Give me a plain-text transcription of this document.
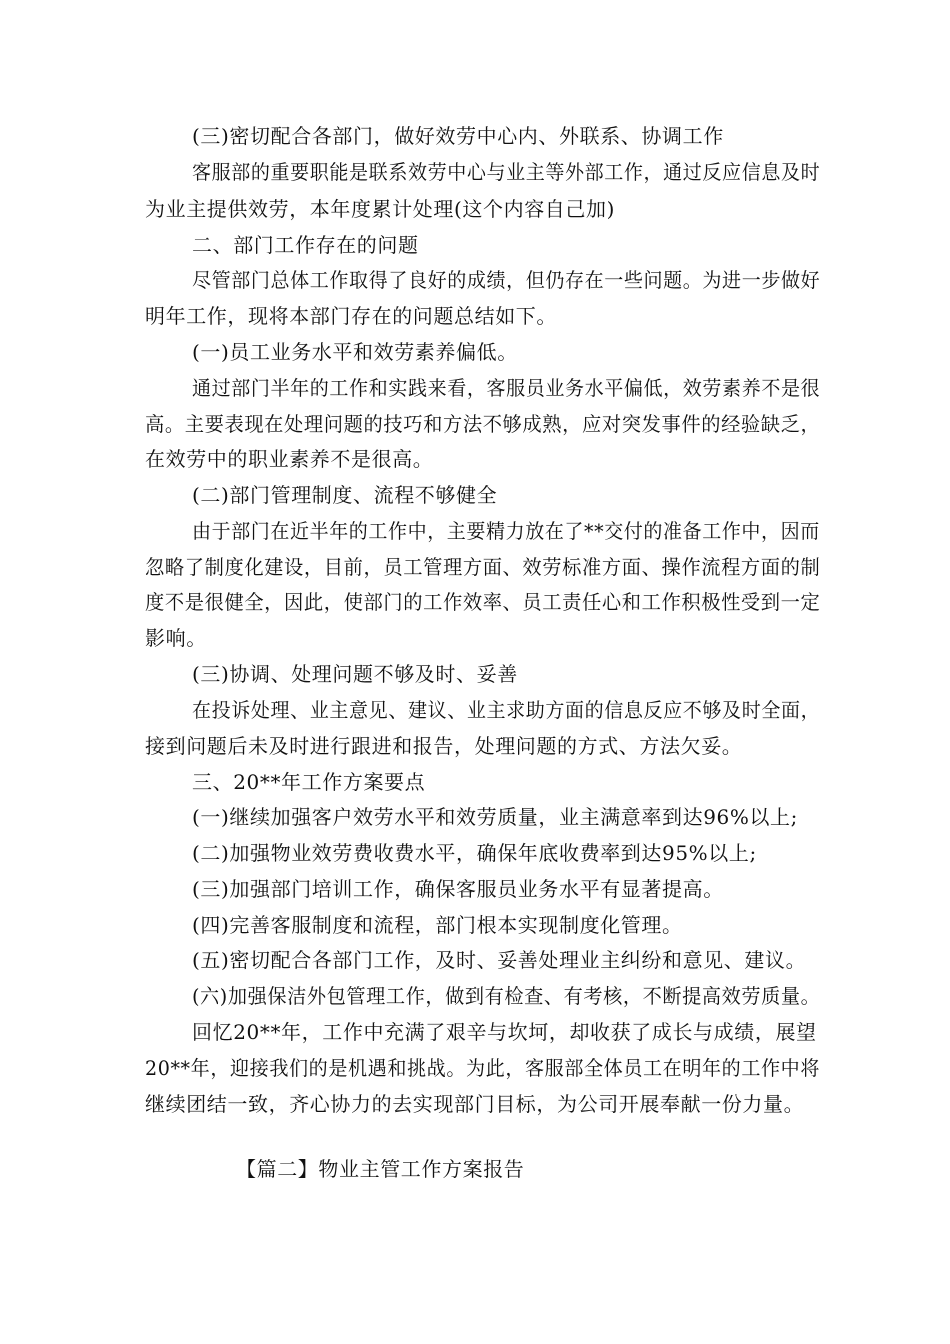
(三)密切配合各部门，做好效劳中心内、外联系、协调工作
客服部的重要职能是联系效劳中心与业主等外部工作，通过反应信息及时
为业主提供效劳，本年度累计处理(这个内容自己加)
二、部门工作存在的问题
尽管部门总体工作取得了良好的成绩，但仍存在一些问题。为进一步做好
明年工作，现将本部门存在的问题总结如下。
(一)员工业务水平和效劳素养偏低。
通过部门半年的工作和实践来看，客服员业务水平偏低，效劳素养不是很
高。主要表现在处理问题的技巧和方法不够成熟，应对突发事件的经验缺乏，
在效劳中的职业素养不是很高。
(二)部门管理制度、流程不够健全
由于部门在近半年的工作中，主要精力放在了**交付的准备工作中，因而
忽略了制度化建设，目前，员工管理方面、效劳标准方面、操作流程方面的制
度不是很健全，因此，使部门的工作效率、员工责任心和工作积极性受到一定
影响。
(三)协调、处理问题不够及时、妥善
在投诉处理、业主意见、建议、业主求助方面的信息反应不够及时全面，
接到问题后未及时进行跟进和报告，处理问题的方式、方法欠妥。
三、20**年工作方案要点
(一)继续加强客户效劳水平和效劳质量，业主满意率到达96%以上;
(二)加强物业效劳费收费水平，确保年底收费率到达95%以上;
(三)加强部门培训工作，确保客服员业务水平有显著提高。
(四)完善客服制度和流程，部门根本实现制度化管理。
(五)密切配合各部门工作，及时、妥善处理业主纠纷和意见、建议。
(六)加强保洁外包管理工作，做到有检查、有考核，不断提高效劳质量。
回忆20**年，工作中充满了艰辛与坎坷，却收获了成长与成绩，展望
20**年，迎接我们的是机遇和挑战。为此，客服部全体员工在明年的工作中将
继续团结一致，齐心协力的去实现部门目标，为公司开展奉献一份力量。
【篇二】物业主管工作方案报告
